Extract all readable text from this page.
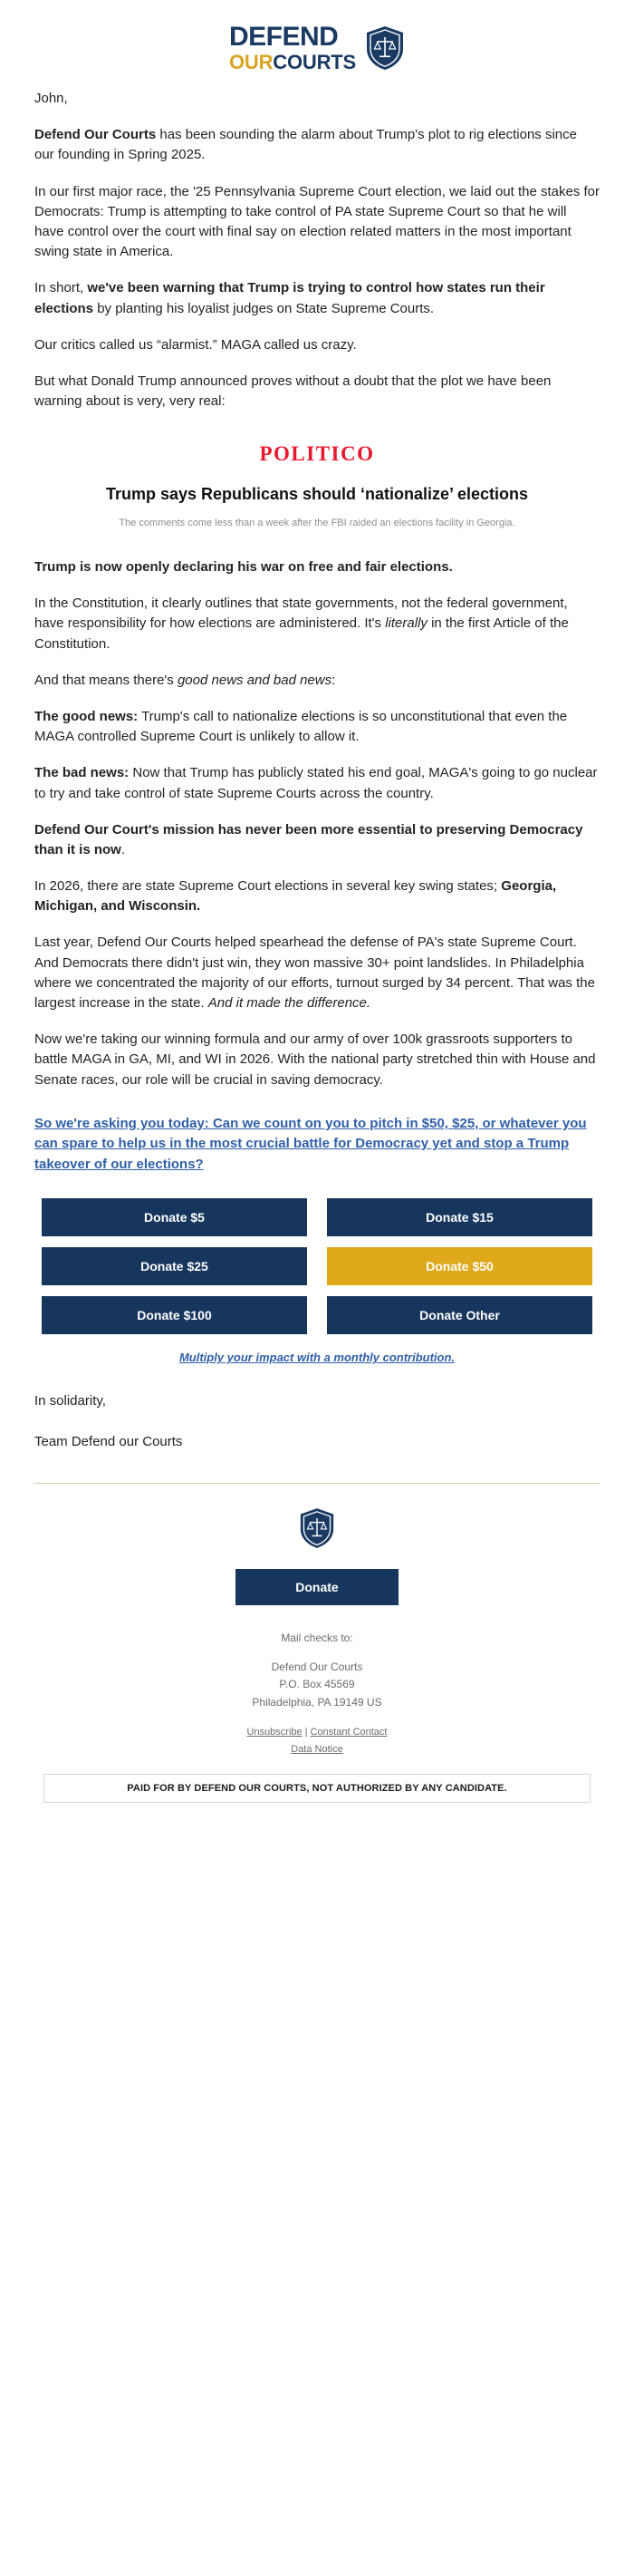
DEFEND
OURCOURTS

John,

Defend Our Courts has been sounding the alarm about Trump's plot to rig elections since our founding in Spring 2025.

In our first major race, the '25 Pennsylvania Supreme Court election, we laid out the stakes for Democrats: Trump is attempting to take control of PA state Supreme Court so that he will have control over the court with final say on election related matters in the most important swing state in America.

In short, we've been warning that Trump is trying to control how states run their elections by planting his loyalist judges on State Supreme Courts.

Our critics called us “alarmist.” MAGA called us crazy.

But what Donald Trump announced proves without a doubt that the plot we have been warning about is very, very real:

POLITICO
Trump says Republicans should ‘nationalize’ elections
The comments come less than a week after the FBI raided an elections facility in Georgia.

Trump is now openly declaring his war on free and fair elections.

In the Constitution, it clearly outlines that state governments, not the federal government, have responsibility for how elections are administered. It's literally in the first Article of the Constitution.

And that means there's good news and bad news:

The good news: Trump's call to nationalize elections is so unconstitutional that even the MAGA controlled Supreme Court is unlikely to allow it.

The bad news: Now that Trump has publicly stated his end goal, MAGA's going to go nuclear to try and take control of state Supreme Courts across the country.

Defend Our Court's mission has never been more essential to preserving Democracy than it is now.

In 2026, there are state Supreme Court elections in several key swing states; Georgia, Michigan, and Wisconsin.

Last year, Defend Our Courts helped spearhead the defense of PA's state Supreme Court. And Democrats there didn't just win, they won massive 30+ point landslides. In Philadelphia where we concentrated the majority of our efforts, turnout surged by 34 percent. That was the largest increase in the state. And it made the difference.

Now we're taking our winning formula and our army of over 100k grassroots supporters to battle MAGA in GA, MI, and WI in 2026. With the national party stretched thin with House and Senate races, our role will be crucial in saving democracy.

So we're asking you today: Can we count on you to pitch in $50, $25, or whatever you can spare to help us in the most crucial battle for Democracy yet and stop a Trump takeover of our elections?
Donate $5	Donate $15
Donate $25	Donate $50
Donate $100	Donate Other
Multiply your impact with a monthly contribution.

In solidarity,

Team Defend our Courts

Donate

Mail checks to:

Defend Our Courts
P.O. Box 45569
Philadelphia, PA 19149 US
Unsubscribe | Constant Contact
Data Notice
PAID FOR BY DEFEND OUR COURTS, NOT AUTHORIZED BY ANY CANDIDATE.
